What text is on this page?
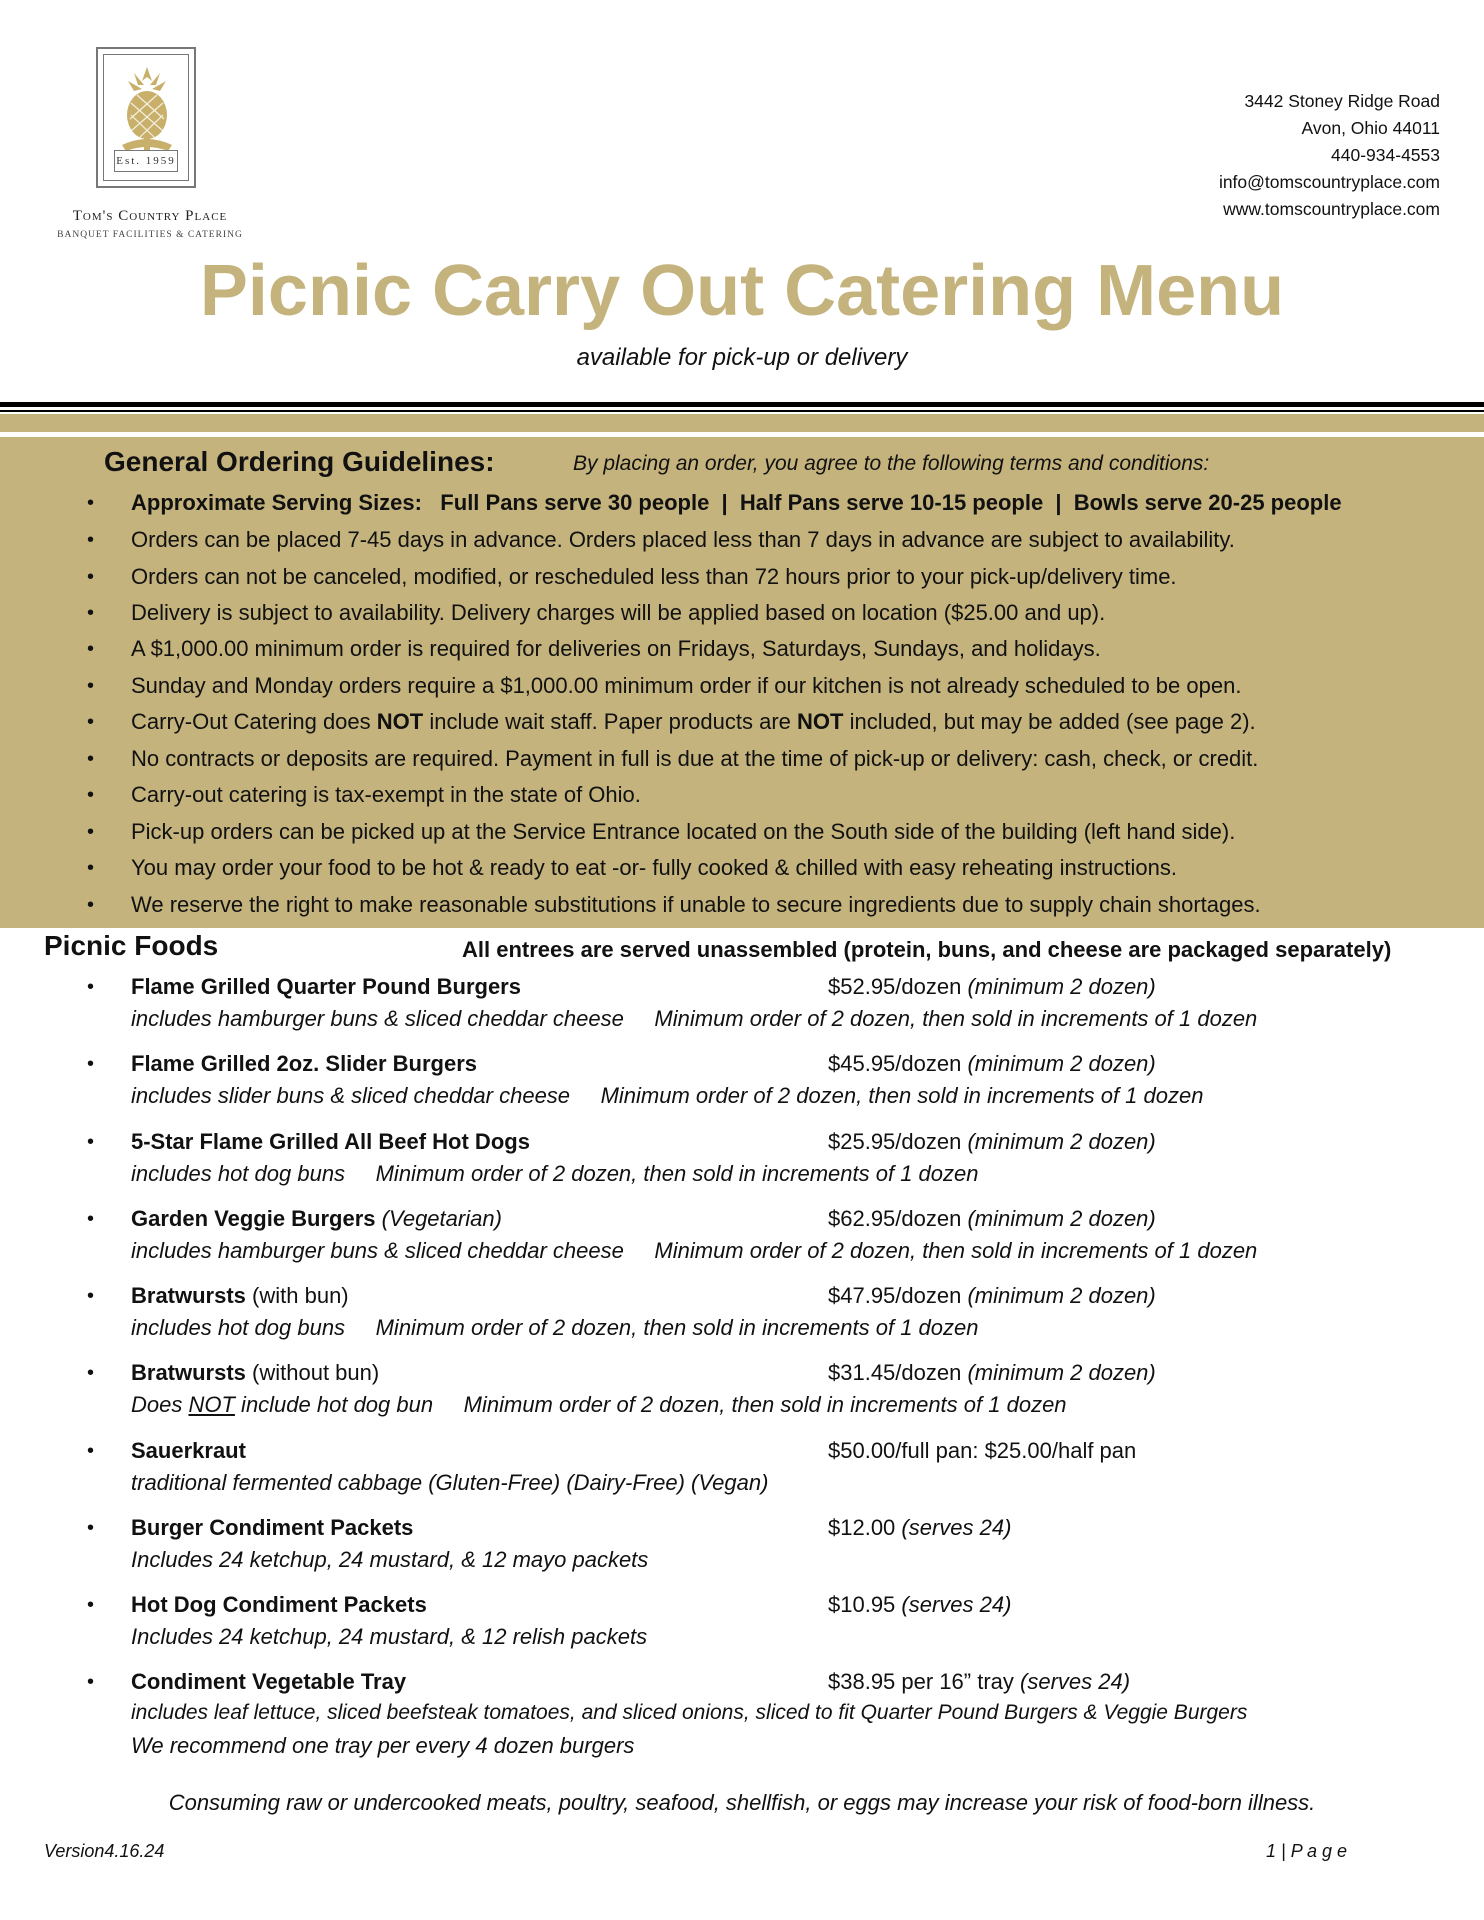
Est. 1959
Tom's Country Place
BANQUET FACILITIES & CATERING
3442 Stoney Ridge Road
Avon, Ohio 44011
440-934-4553
info@tomscountryplace.com
www.tomscountryplace.com
Picnic Carry Out Catering Menu
available for pick-up or delivery
General Ordering Guidelines:	By placing an order, you agree to the following terms and conditions:
• Approximate Serving Sizes:   Full Pans serve 30 people  |  Half Pans serve 10-15 people  |  Bowls serve 20-25 people
• Orders can be placed 7-45 days in advance. Orders placed less than 7 days in advance are subject to availability.
• Orders can not be canceled, modified, or rescheduled less than 72 hours prior to your pick-up/delivery time.
• Delivery is subject to availability. Delivery charges will be applied based on location ($25.00 and up).
• A $1,000.00 minimum order is required for deliveries on Fridays, Saturdays, Sundays, and holidays.
• Sunday and Monday orders require a $1,000.00 minimum order if our kitchen is not already scheduled to be open.
• Carry-Out Catering does NOT include wait staff. Paper products are NOT included, but may be added (see page 2).
• No contracts or deposits are required. Payment in full is due at the time of pick-up or delivery: cash, check, or credit.
• Carry-out catering is tax-exempt in the state of Ohio.
• Pick-up orders can be picked up at the Service Entrance located on the South side of the building (left hand side).
• You may order your food to be hot & ready to eat -or- fully cooked & chilled with easy reheating instructions.
• We reserve the right to make reasonable substitutions if unable to secure ingredients due to supply chain shortages.
Picnic Foods	All entrees are served unassembled (protein, buns, and cheese are packaged separately)
• Flame Grilled Quarter Pound Burgers	$52.95/dozen (minimum 2 dozen)
includes hamburger buns & sliced cheddar cheese     Minimum order of 2 dozen, then sold in increments of 1 dozen
• Flame Grilled 2oz. Slider Burgers	$45.95/dozen (minimum 2 dozen)
includes slider buns & sliced cheddar cheese     Minimum order of 2 dozen, then sold in increments of 1 dozen
• 5-Star Flame Grilled All Beef Hot Dogs	$25.95/dozen (minimum 2 dozen)
includes hot dog buns     Minimum order of 2 dozen, then sold in increments of 1 dozen
• Garden Veggie Burgers (Vegetarian)	$62.95/dozen (minimum 2 dozen)
includes hamburger buns & sliced cheddar cheese     Minimum order of 2 dozen, then sold in increments of 1 dozen
• Bratwursts (with bun)	$47.95/dozen (minimum 2 dozen)
includes hot dog buns     Minimum order of 2 dozen, then sold in increments of 1 dozen
• Bratwursts (without bun)	$31.45/dozen (minimum 2 dozen)
Does NOT include hot dog bun     Minimum order of 2 dozen, then sold in increments of 1 dozen
• Sauerkraut	$50.00/full pan: $25.00/half pan
traditional fermented cabbage (Gluten-Free) (Dairy-Free) (Vegan)
• Burger Condiment Packets	$12.00 (serves 24)
Includes 24 ketchup, 24 mustard, & 12 mayo packets
• Hot Dog Condiment Packets	$10.95 (serves 24)
Includes 24 ketchup, 24 mustard, & 12 relish packets
• Condiment Vegetable Tray	$38.95 per 16” tray (serves 24)
includes leaf lettuce, sliced beefsteak tomatoes, and sliced onions, sliced to fit Quarter Pound Burgers & Veggie Burgers
We recommend one tray per every 4 dozen burgers
Consuming raw or undercooked meats, poultry, seafood, shellfish, or eggs may increase your risk of food-born illness.
Version4.16.24	1 | P a g e
